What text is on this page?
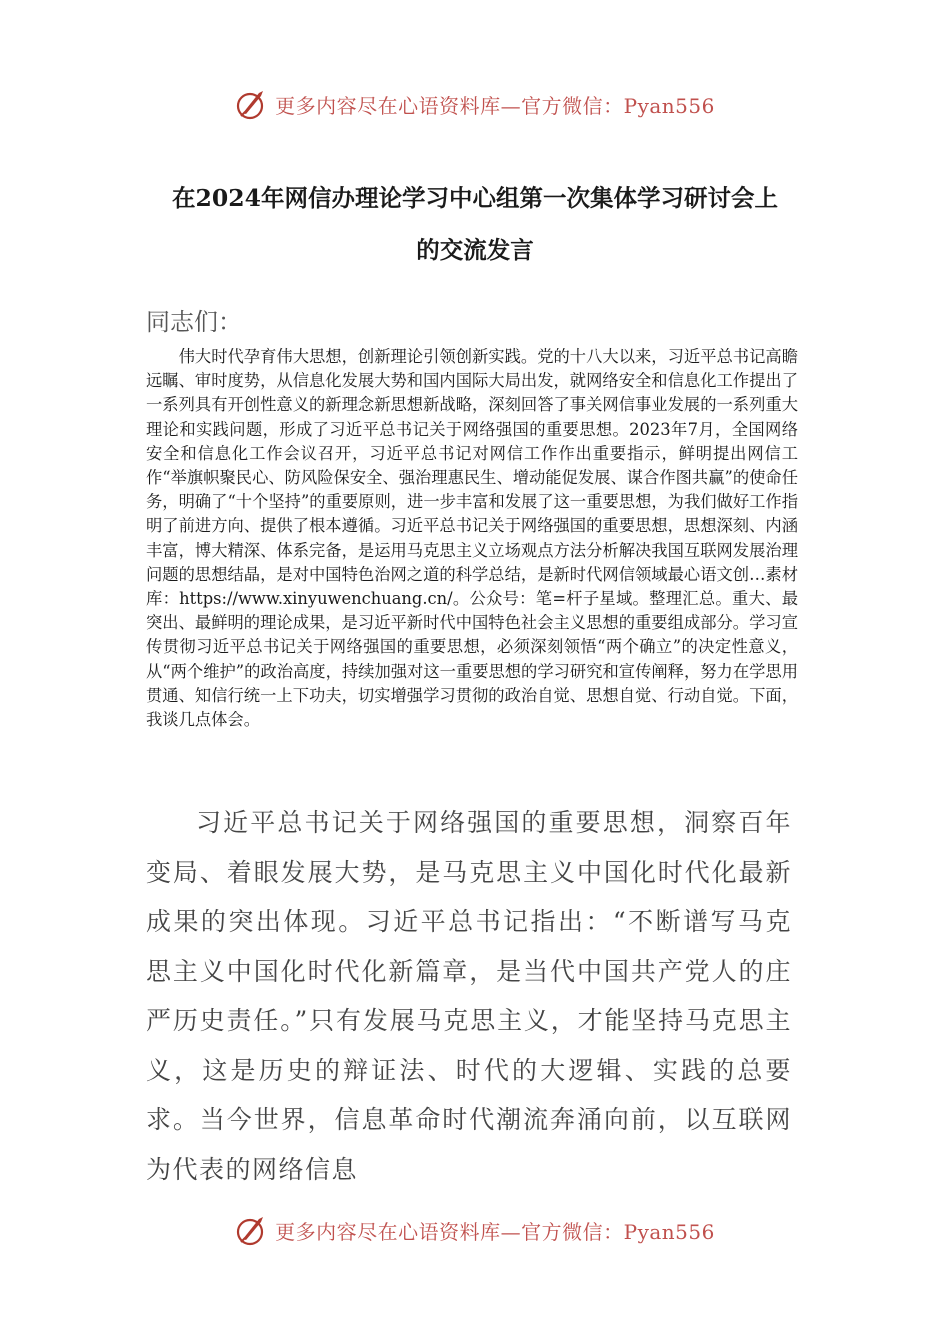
更多内容尽在心语资料库—官方微信：Pyan556
在2024年网信办理论学习中心组第一次集体学习研讨会上
的交流发言
同志们：

伟大时代孕育伟大思想，创新理论引领创新实践。党的十八大以来，习近平总书记高瞻远瞩、审时度势，从信息化发展大势和国内国际大局出发，就网络安全和信息化工作提出了一系列具有开创性意义的新理念新思想新战略，深刻回答了事关网信事业发展的一系列重大理论和实践问题，形成了习近平总书记关于网络强国的重要思想。2023年7月，全国网络安全和信息化工作会议召开，习近平总书记对网信工作作出重要指示，鲜明提出网信工作“举旗帜聚民心、防风险保安全、强治理惠民生、增动能促发展、谋合作图共赢”的使命任务，明确了“十个坚持”的重要原则，进一步丰富和发展了这一重要思想，为我们做好工作指明了前进方向、提供了根本遵循。习近平总书记关于网络强国的重要思想，思想深刻、内涵丰富，博大精深、体系完备，是运用马克思主义立场观点方法分析解决我国互联网发展治理问题的思想结晶，是对中国特色治网之道的科学总结，是新时代网信领域最心语文创…素材库：https://www.xinyuwenchuang.cn/。公众号：笔=杆子星域。整理汇总。重大、最突出、最鲜明的理论成果，是习近平新时代中国特色社会主义思想的重要组成部分。学习宣传贯彻习近平总书记关于网络强国的重要思想，必须深刻领悟“两个确立”的决定性意义，从“两个维护”的政治高度，持续加强对这一重要思想的学习研究和宣传阐释，努力在学思用贯通、知信行统一上下功夫，切实增强学习贯彻的政治自觉、思想自觉、行动自觉。下面，我谈几点体会。

习近平总书记关于网络强国的重要思想，洞察百年变局、着眼发展大势，是马克思主义中国化时代化最新成果的突出体现。习近平总书记指出：“不断谱写马克思主义中国化时代化新篇章，是当代中国共产党人的庄严历史责任。”只有发展马克思主义，才能坚持马克思主义，这是历史的辩证法、时代的大逻辑、实践的总要求。当今世界，信息革命时代潮流奔涌向前，以互联网为代表的网络信息

更多内容尽在心语资料库—官方微信：Pyan556
